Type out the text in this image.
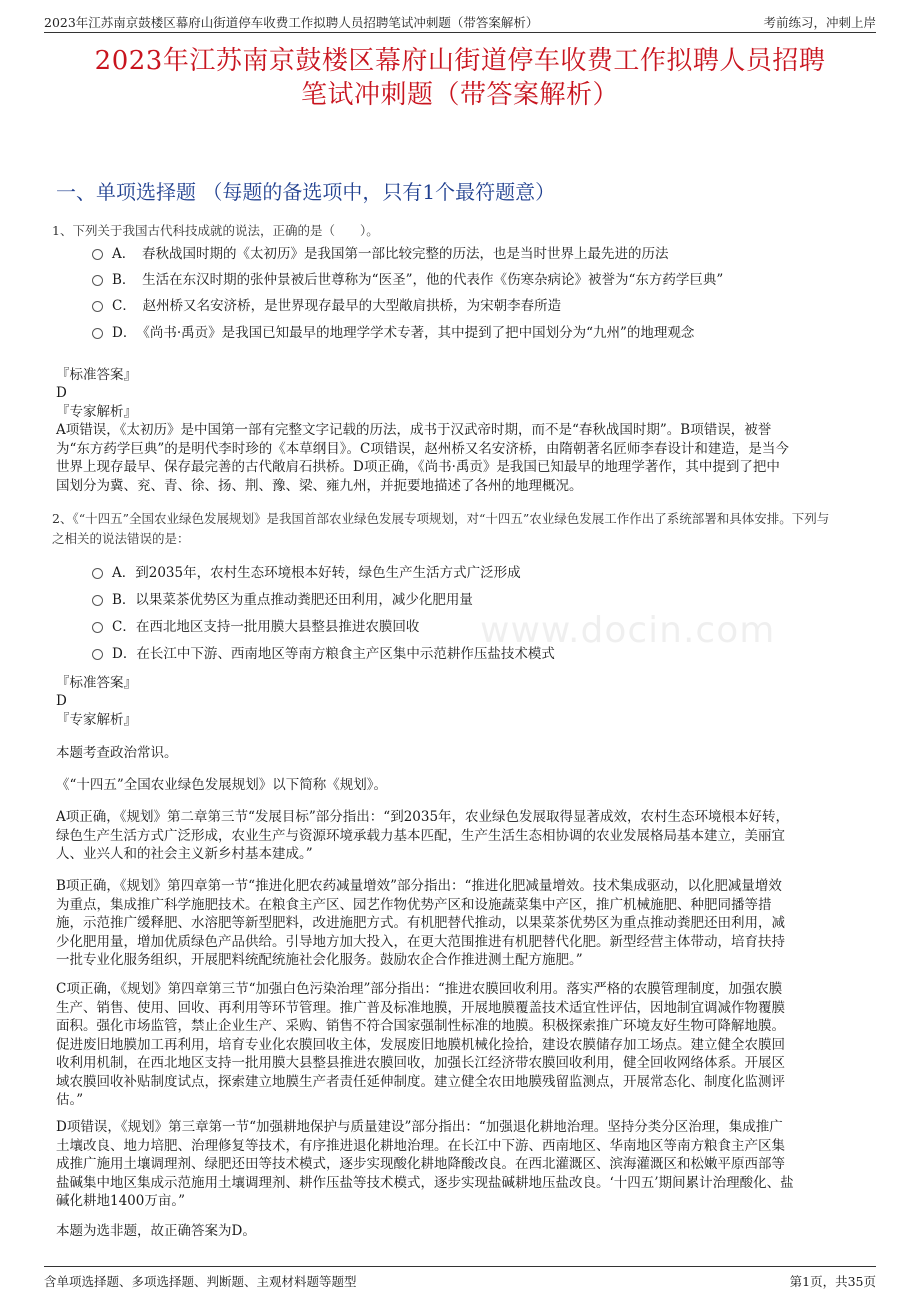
2023年江苏南京鼓楼区幕府山街道停车收费工作拟聘人员招聘笔试冲刺题（带答案解析）	考前练习，冲刺上岸
2023年江苏南京鼓楼区幕府山街道停车收费工作拟聘人员招聘
笔试冲刺题（带答案解析）
一、单项选择题 （每题的备选项中，只有1个最符题意）
1、下列关于我国古代科技成就的说法，正确的是（　　）。
A．　春秋战国时期的《太初历》是我国第一部比较完整的历法，也是当时世界上最先进的历法
B．　生活在东汉时期的张仲景被后世尊称为“医圣”，他的代表作《伤寒杂病论》被誉为“东方药学巨典”
C．　赵州桥又名安济桥，是世界现存最早的大型敞肩拱桥，为宋朝李春所造
D．　《尚书·禹贡》是我国已知最早的地理学学术专著，其中提到了把中国划分为“九州”的地理观念
『标准答案』
D
『专家解析』
A项错误，《太初历》是中国第一部有完整文字记载的历法，成书于汉武帝时期，而不是“春秋战国时期”。B项错误，被誉
为“东方药学巨典”的是明代李时珍的《本草纲目》。C项错误，赵州桥又名安济桥，由隋朝著名匠师李春设计和建造，是当今
世界上现存最早、保存最完善的古代敞肩石拱桥。D项正确，《尚书·禹贡》是我国已知最早的地理学著作，其中提到了把中
国划分为冀、兖、青、徐、扬、荆、豫、梁、雍九州，并扼要地描述了各州的地理概况。
2、《“十四五”全国农业绿色发展规划》是我国首部农业绿色发展专项规划，对“十四五”农业绿色发展工作作出了系统部署和具体安排。下列与
之相关的说法错误的是：
A．到2035年，农村生态环境根本好转，绿色生产生活方式广泛形成
B．以果菜茶优势区为重点推动粪肥还田利用，减少化肥用量
C．在西北地区支持一批用膜大县整县推进农膜回收
D．在长江中下游、西南地区等南方粮食主产区集中示范耕作压盐技术模式
www.docin.com
『标准答案』
D
『专家解析』
本题考查政治常识。
《“十四五”全国农业绿色发展规划》以下简称《规划》。
A项正确，《规划》第二章第三节“发展目标”部分指出：“到2035年，农业绿色发展取得显著成效，农村生态环境根本好转，
绿色生产生活方式广泛形成，农业生产与资源环境承载力基本匹配，生产生活生态相协调的农业发展格局基本建立，美丽宜
人、业兴人和的社会主义新乡村基本建成。”
B项正确，《规划》第四章第一节“推进化肥农药减量增效”部分指出：“推进化肥减量增效。技术集成驱动，以化肥减量增效
为重点，集成推广科学施肥技术。在粮食主产区、园艺作物优势产区和设施蔬菜集中产区，推广机械施肥、种肥同播等措
施，示范推广缓释肥、水溶肥等新型肥料，改进施肥方式。有机肥替代推动，以果菜茶优势区为重点推动粪肥还田利用，减
少化肥用量，增加优质绿色产品供给。引导地方加大投入，在更大范围推进有机肥替代化肥。新型经营主体带动，培育扶持
一批专业化服务组织，开展肥料统配统施社会化服务。鼓励农企合作推进测土配方施肥。”
C项正确，《规划》第四章第三节“加强白色污染治理”部分指出：“推进农膜回收利用。落实严格的农膜管理制度，加强农膜
生产、销售、使用、回收、再利用等环节管理。推广普及标准地膜，开展地膜覆盖技术适宜性评估，因地制宜调减作物覆膜
面积。强化市场监管，禁止企业生产、采购、销售不符合国家强制性标准的地膜。积极探索推广环境友好生物可降解地膜。
促进废旧地膜加工再利用，培育专业化农膜回收主体，发展废旧地膜机械化捡拾，建设农膜储存加工场点。建立健全农膜回
收利用机制，在西北地区支持一批用膜大县整县推进农膜回收，加强长江经济带农膜回收利用，健全回收网络体系。开展区
域农膜回收补贴制度试点，探索建立地膜生产者责任延伸制度。建立健全农田地膜残留监测点，开展常态化、制度化监测评
估。”
D项错误，《规划》第三章第一节“加强耕地保护与质量建设”部分指出：“加强退化耕地治理。坚持分类分区治理，集成推广
土壤改良、地力培肥、治理修复等技术，有序推进退化耕地治理。在长江中下游、西南地区、华南地区等南方粮食主产区集
成推广施用土壤调理剂、绿肥还田等技术模式，逐步实现酸化耕地降酸改良。在西北灌溉区、滨海灌溉区和松嫩平原西部等
盐碱集中地区集成示范施用土壤调理剂、耕作压盐等技术模式，逐步实现盐碱耕地压盐改良。‘十四五’期间累计治理酸化、盐
碱化耕地1400万亩。”
本题为选非题，故正确答案为D。
含单项选择题、多项选择题、判断题、主观材料题等题型	第1页，共35页
